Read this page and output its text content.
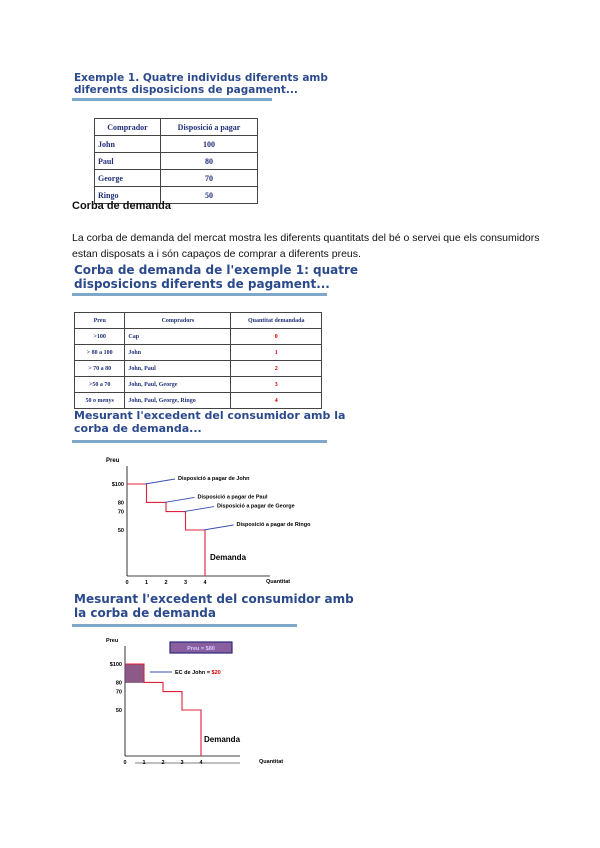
Exemple 1. Quatre individus diferents amb
diferents disposicions de pagament...
Comprador	Disposició a pagar
John	100
Paul	80
George	70
Ringo	50
Corba de demanda
La corba de demanda del mercat mostra les diferents quantitats del bé o servei que els consumidors estan disposats a i són capaços de comprar a diferents preus.
Corba de demanda de l'exemple 1: quatre
disposicions diferents de pagament...
Preu	Compradors	Quantitat demandada
>100	Cap	0
> 80 a 100	John	1
> 70 a 80	John, Paul	2
>50 a 70	John, Paul, George	3
50 o menys	John, Paul, George, Ringo	4
Mesurant l'excedent del consumidor amb la
corba de demanda...
Preu
Quantitat
$100
80
70
50
0	1	2	3	4
Disposició a pagar de John
Disposició a pagar de Paul
Disposició a pagar de George
Disposició a pagar de Ringo
Demanda
Mesurant l'excedent del consumidor amb
la corba de demanda
Preu
Quantitat
$100
80
70
50
0	1	2	3	4
Preu = $80
EC de John = $20
Demanda
